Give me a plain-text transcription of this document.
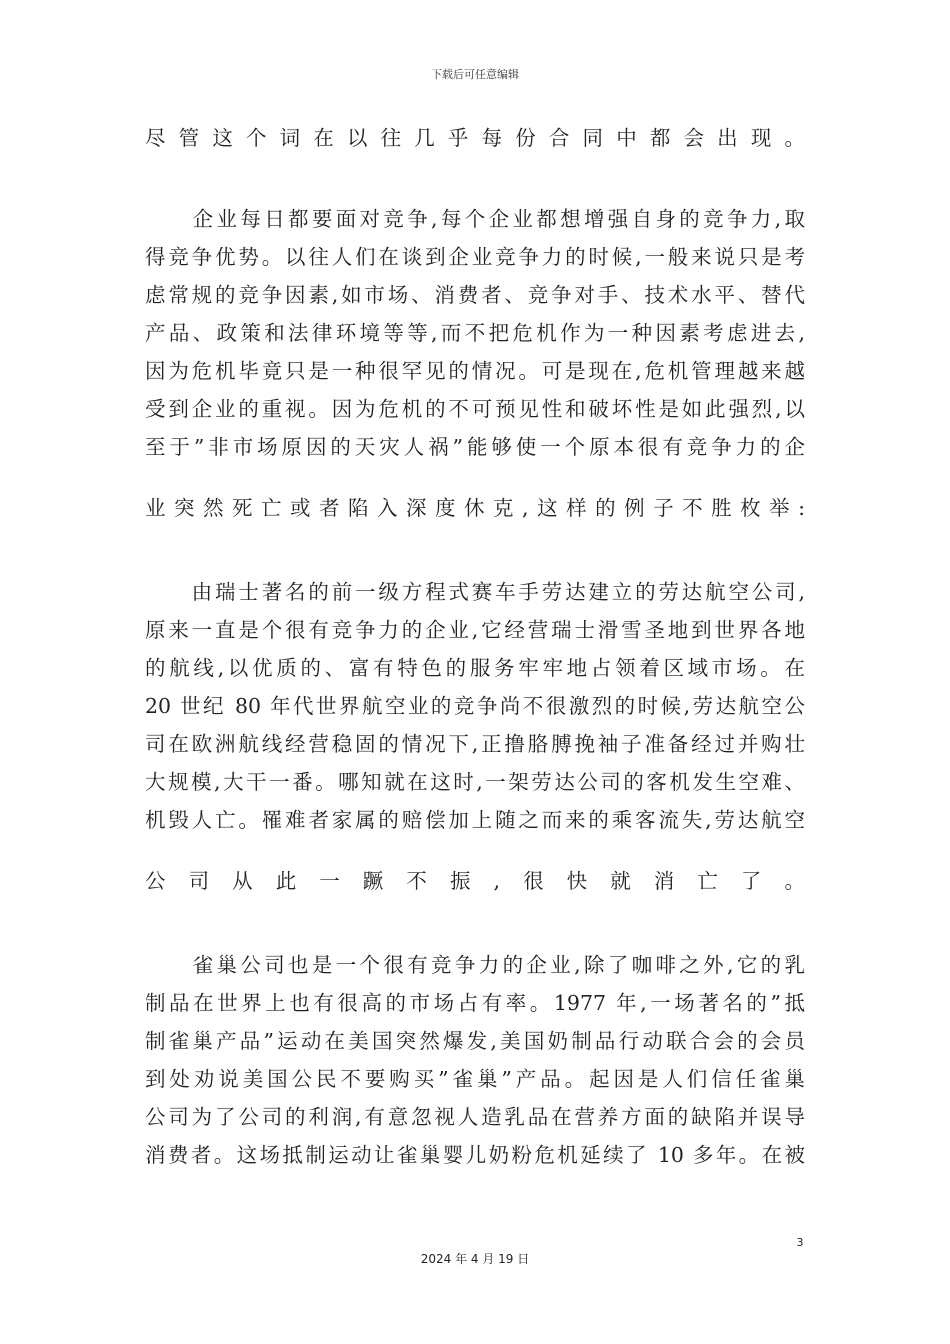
下载后可任意编辑
尽管这个词在以往几乎每份合同中都会出现。
　　企业每日都要面对竞争,每个企业都想增强自身的竞争力,取
得竞争优势。以往人们在谈到企业竞争力的时候,一般来说只是考
虑常规的竞争因素,如市场、消费者、竞争对手、技术水平、替代
产品、政策和法律环境等等,而不把危机作为一种因素考虑进去,
因为危机毕竟只是一种很罕见的情况。可是现在,危机管理越来越
受到企业的重视。因为危机的不可预见性和破坏性是如此强烈,以
至于”非市场原因的天灾人祸”能够使一个原本很有竞争力的企
业突然死亡或者陷入深度休克,这样的例子不胜枚举:
　　由瑞士著名的前一级方程式赛车手劳达建立的劳达航空公司,
原来一直是个很有竞争力的企业,它经营瑞士滑雪圣地到世界各地
的航线,以优质的、富有特色的服务牢牢地占领着区域市场。在
20 世纪 80 年代世界航空业的竞争尚不很激烈的时候,劳达航空公
司在欧洲航线经营稳固的情况下,正撸胳膊挽袖子准备经过并购壮
大规模,大干一番。哪知就在这时,一架劳达公司的客机发生空难、
机毁人亡。罹难者家属的赔偿加上随之而来的乘客流失,劳达航空
公司从此一蹶不振,很快就消亡了。
　　雀巢公司也是一个很有竞争力的企业,除了咖啡之外,它的乳
制品在世界上也有很高的市场占有率。1977 年,一场著名的”抵
制雀巢产品”运动在美国突然爆发,美国奶制品行动联合会的会员
到处劝说美国公民不要购买”雀巢”产品。起因是人们信任雀巢
公司为了公司的利润,有意忽视人造乳品在营养方面的缺陷并误导
消费者。这场抵制运动让雀巢婴儿奶粉危机延续了 10 多年。在被
3
2024 年 4 月 19 日
